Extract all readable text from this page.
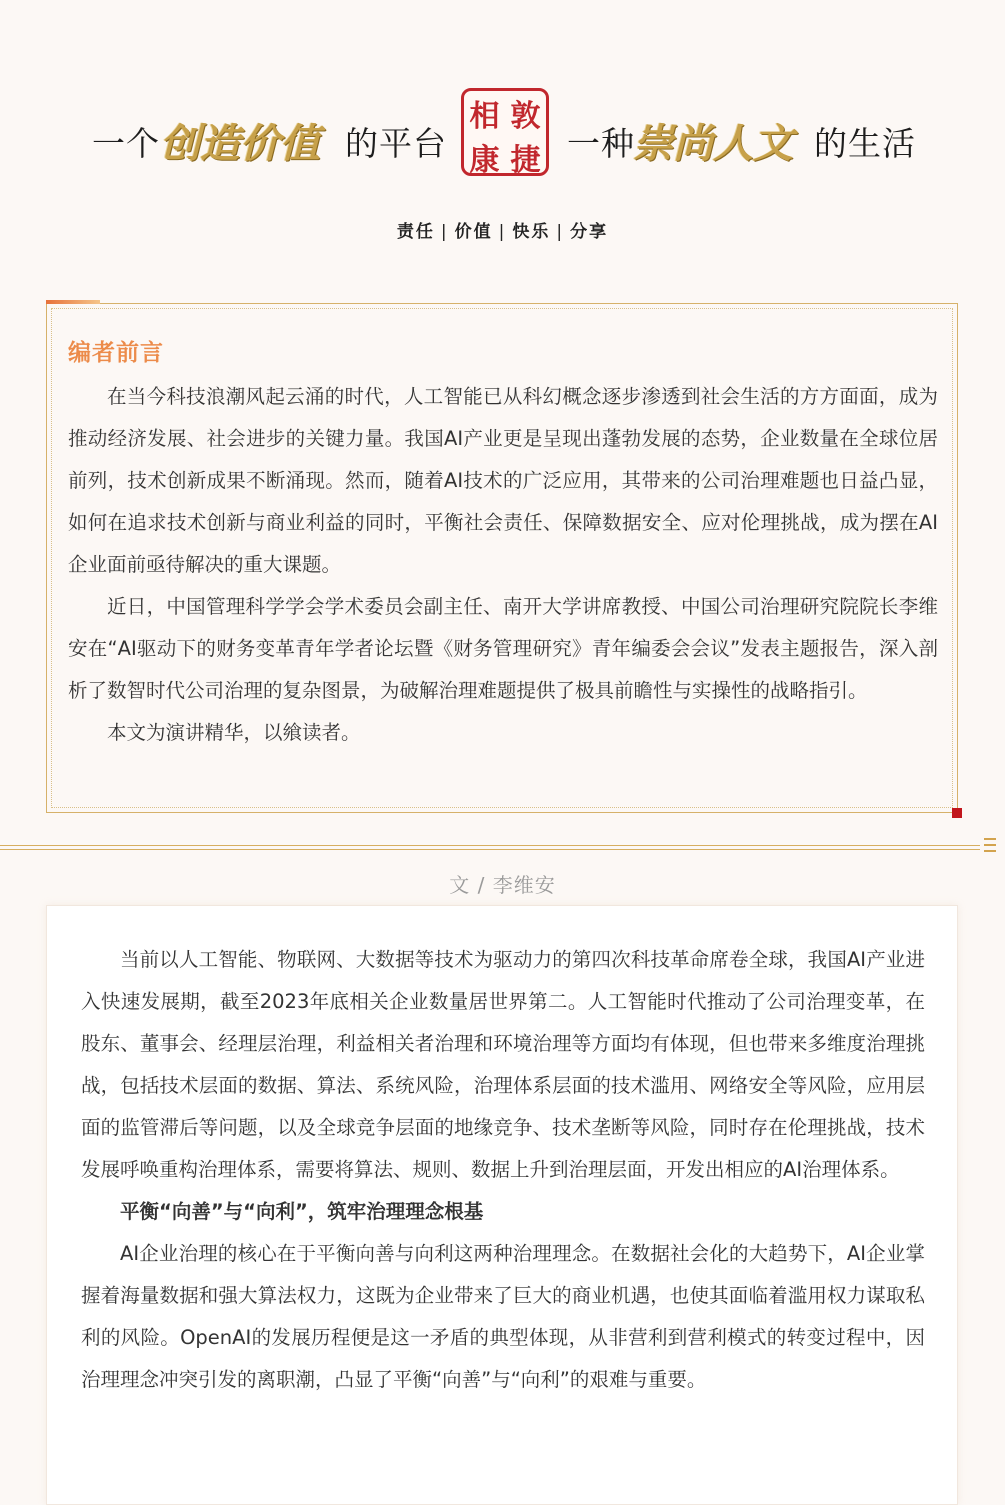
一个 创造价值 的平台
相 敦
康 捷 一种
崇尚人文 的生活
责任 | 价值 | 快乐 | 分享
编者前言

在当今科技浪潮风起云涌的时代，人工智能已从科幻概念逐步渗透到社会生活的方方面面，成为推动经济发展、社会进步的关键力量。我国AI产业更是呈现出蓬勃发展的态势，企业数量在全球位居前列，技术创新成果不断涌现。然而，随着AI技术的广泛应用，其带来的公司治理难题也日益凸显，如何在追求技术创新与商业利益的同时，平衡社会责任、保障数据安全、应对伦理挑战，成为摆在AI企业面前亟待解决的重大课题。

近日，中国管理科学学会学术委员会副主任、南开大学讲席教授、中国公司治理研究院院长李维安在“AI驱动下的财务变革青年学者论坛暨《财务管理研究》青年编委会会议”发表主题报告，深入剖析了数智时代公司治理的复杂图景，为破解治理难题提供了极具前瞻性与实操性的战略指引。

本文为演讲精华，以飨读者。

文 / 李维安

当前以人工智能、物联网、大数据等技术为驱动力的第四次科技革命席卷全球，我国AI产业进入快速发展期，截至2023年底相关企业数量居世界第二。人工智能时代推动了公司治理变革，在股东、董事会、经理层治理，利益相关者治理和环境治理等方面均有体现，但也带来多维度治理挑战，包括技术层面的数据、算法、系统风险，治理体系层面的技术滥用、网络安全等风险，应用层面的监管滞后等问题，以及全球竞争层面的地缘竞争、技术垄断等风险，同时存在伦理挑战，技术发展呼唤重构治理体系，需要将算法、规则、数据上升到治理层面，开发出相应的AI治理体系。

平衡“向善”与“向利”，筑牢治理理念根基

AI企业治理的核心在于平衡向善与向利这两种治理理念。在数据社会化的大趋势下，AI企业掌握着海量数据和强大算法权力，这既为企业带来了巨大的商业机遇，也使其面临着滥用权力谋取私利的风险。OpenAI的发展历程便是这一矛盾的典型体现，从非营利到营利模式的转变过程中，因治理理念冲突引发的离职潮，凸显了平衡“向善”与“向利”的艰难与重要。
